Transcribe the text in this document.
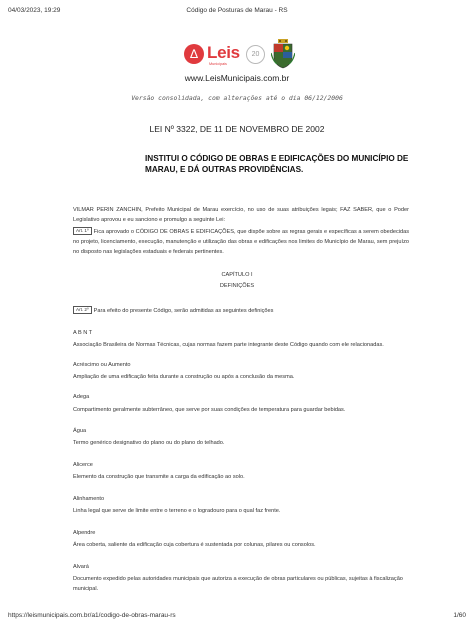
04/03/2023, 19:29	Código de Posturas de Marau - RS
∆ Leis
Municipais
20
www.LeisMunicipais.com.br
Versão consolidada, com alterações até o dia 06/12/2006
LEI Nº 3322, DE 11 DE NOVEMBRO DE 2002
INSTITUI O CÓDIGO DE OBRAS E EDIFICAÇÕES DO MUNICÍPIO DE MARAU, E DÁ OUTRAS PROVIDÊNCIAS.
VILMAR PERIN ZANCHIN, Prefeito Municipal de Marau exercício, no uso de suas atribuições legais; FAZ SABER, que o Poder Legislativo aprovou e eu sanciono e promulgo a seguinte Lei:
Art. 1º Fica aprovado o CÓDIGO DE OBRAS E EDIFICAÇÕES, que dispõe sobre as regras gerais e específicas a serem obedecidas no projeto, licenciamento, execução, manutenção e utilização das obras e edificações nos limites do Município de Marau, sem prejuízo no disposto nas legislações estaduais e federais pertinentes.
CAPÍTULO I
DEFINIÇÕES
Art. 2º Para efeito do presente Código, serão admitidas as seguintes definições
A B N T
Associação Brasileira de Normas Técnicas, cujas normas fazem parte integrante deste Código quando com ele relacionadas.
Acréscimo ou Aumento
Ampliação de uma edificação feita durante a construção ou após a conclusão da mesma.
Adega
Compartimento geralmente subterrâneo, que serve por suas condições de temperatura para guardar bebidas.
Água
Termo genérico designativo do plano ou do plano do telhado.
Alicerce
Elemento da construção que transmite a carga da edificação ao solo.
Alinhamento
Linha legal que serve de limite entre o terreno e o logradouro para o qual faz frente.
Alpendre
Área coberta, saliente da edificação cuja cobertura é sustentada por colunas, pilares ou consolos.
Alvará
Documento expedido pelas autoridades municipais que autoriza a execução de obras particulares ou públicas, sujeitas à fiscalização municipal.
https://leismunicipais.com.br/a1/codigo-de-obras-marau-rs	1/60
